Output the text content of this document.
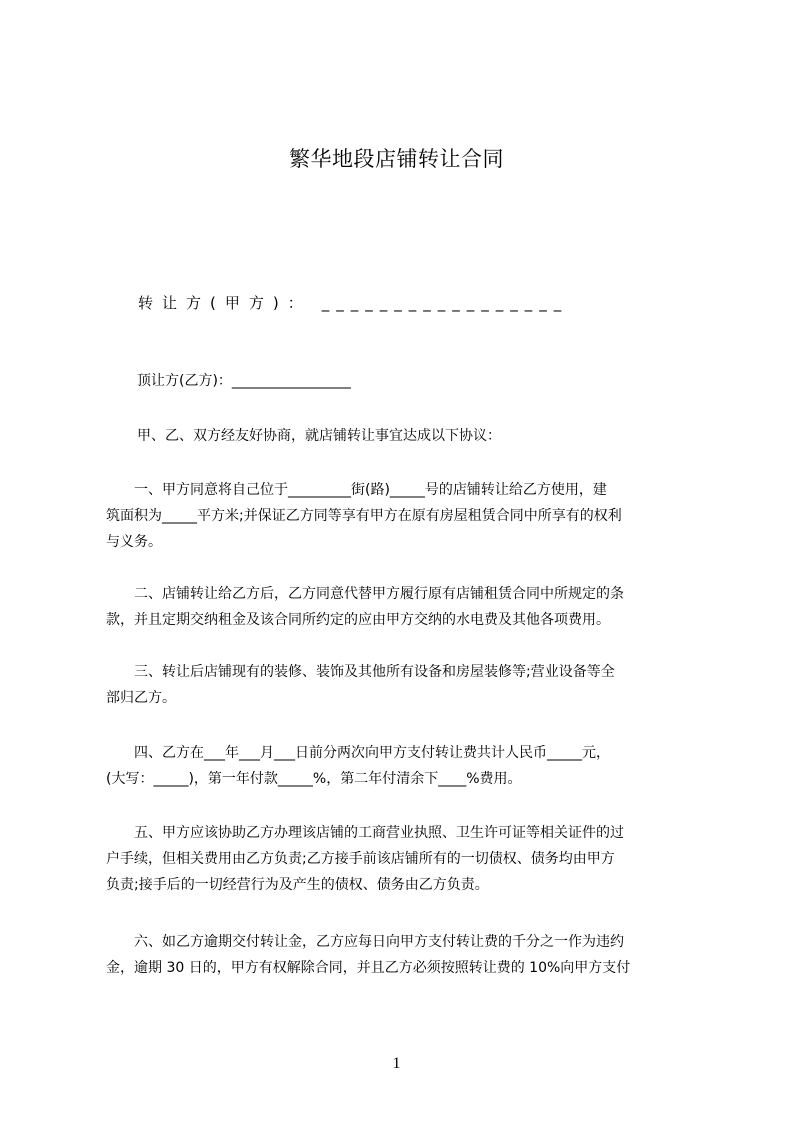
繁华地段店铺转让合同
转让方(甲方)： _________________
顶让方(乙方)：_________________

甲、乙、双方经友好协商，就店铺转让事宜达成以下协议：

一、甲方同意将自己位于_________街(路)_____号的店铺转让给乙方使用，建
筑面积为_____平方米;并保证乙方同等享有甲方在原有房屋租赁合同中所享有的权利
与义务。

二、店铺转让给乙方后，乙方同意代替甲方履行原有店铺租赁合同中所规定的条
款，并且定期交纳租金及该合同所约定的应由甲方交纳的水电费及其他各项费用。

三、转让后店铺现有的装修、装饰及其他所有设备和房屋装修等;营业设备等全
部归乙方。

四、乙方在___年___月___日前分两次向甲方支付转让费共计人民币_____元，
(大写：_____)，第一年付款_____%，第二年付清余下____%费用。

五、甲方应该协助乙方办理该店铺的工商营业执照、卫生许可证等相关证件的过
户手续，但相关费用由乙方负责;乙方接手前该店铺所有的一切债权、债务均由甲方
负责;接手后的一切经营行为及产生的债权、债务由乙方负责。

六、如乙方逾期交付转让金，乙方应每日向甲方支付转让费的千分之一作为违约
金，逾期 30 日的，甲方有权解除合同，并且乙方必须按照转让费的 10%向甲方支付

1
